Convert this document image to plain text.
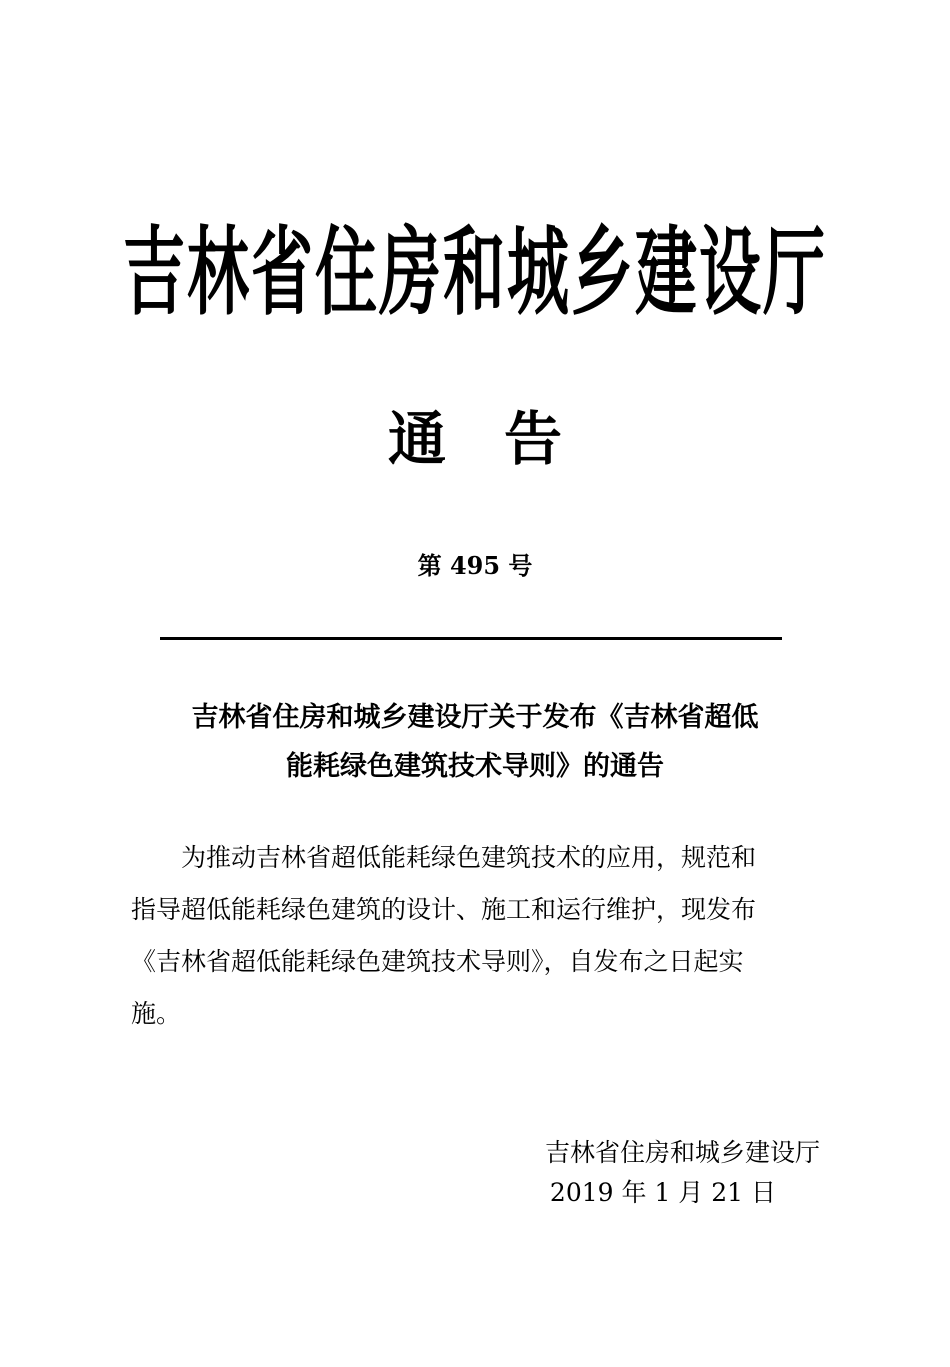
吉林省住房和城乡建设厅
通　告
第 495 号
吉林省住房和城乡建设厅关于发布《吉林省超低
能耗绿色建筑技术导则》的通告
为推动吉林省超低能耗绿色建筑技术的应用，规范和
指导超低能耗绿色建筑的设计、施工和运行维护，现发布
《吉林省超低能耗绿色建筑技术导则》，自发布之日起实
施。
吉林省住房和城乡建设厅
2019 年 1 月 21 日
